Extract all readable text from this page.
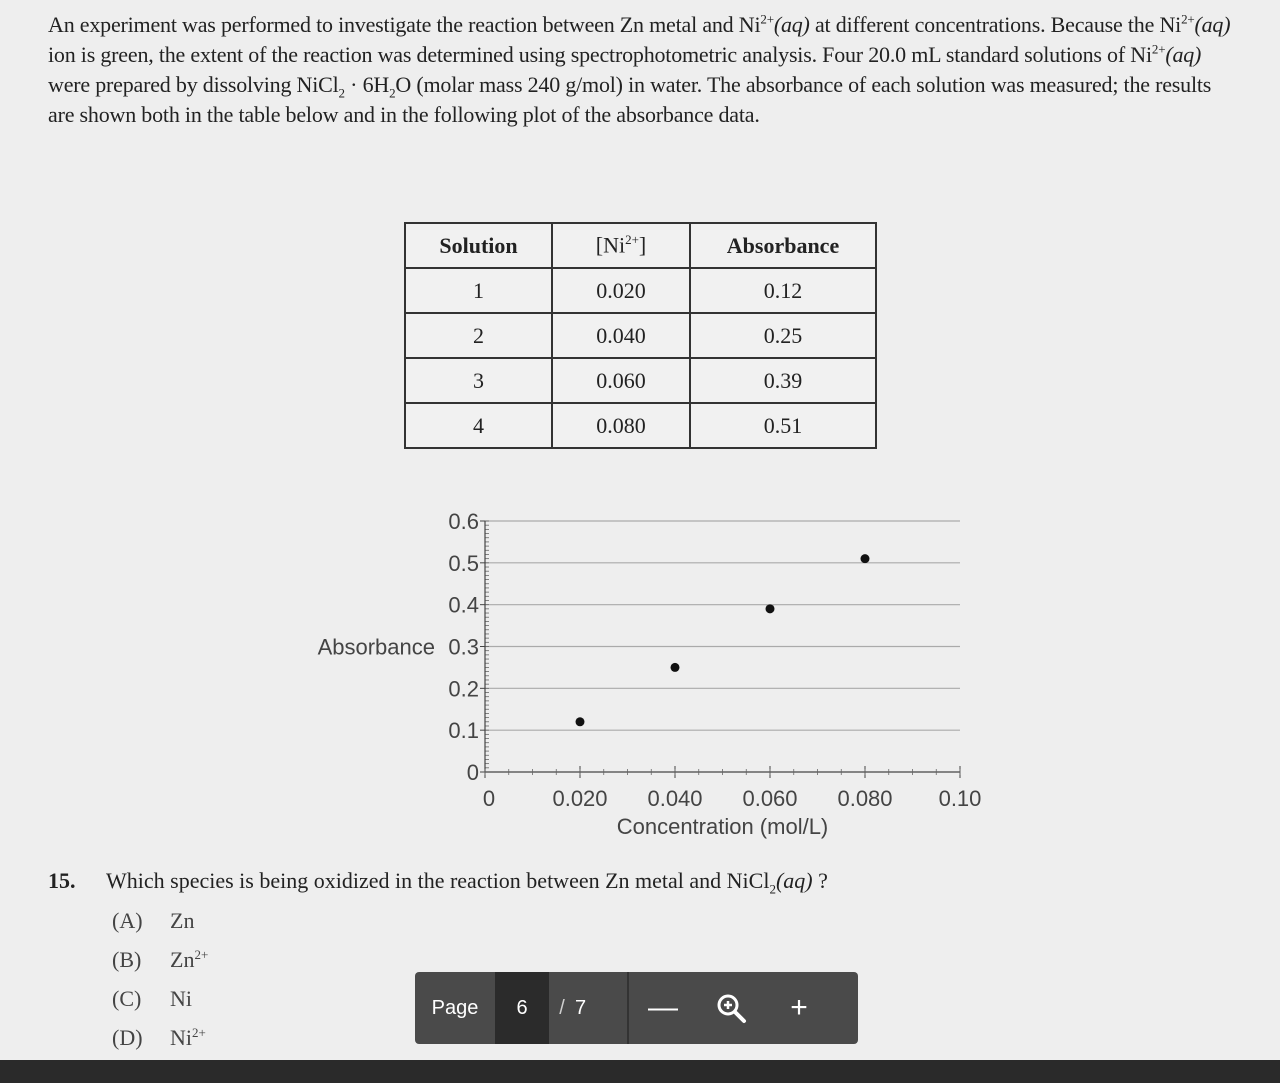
An experiment was performed to investigate the reaction between Zn metal and $Ni^{2+}(aq)$ at different concentrations. Because the $Ni^{2+}(aq)$ ion is green, the extent of the reaction was determined using spectrophotometric analysis. Four 20.0 mL standard solutions of $Ni^{2+}(aq)$ were prepared by dissolving NiCl$_2$ · $6H_2O$ (molar mass 240 g/mol) in water. The absorbance of each solution was measured; the results are shown both in the table below and in the following plot of the absorbance data.
Solution	$[Ni^{2+}]$	Absorbance
1	0.020	0.12
2	0.040	0.25
3	0.060	0.39
4	0.080	0.51
0
0.1
0.2
0.3
0.4
0.5
0.6
0	0.020 0.040 0.060 0.080 0.10
Absorbance
Concentration (mol/L)
15. Which species is being oxidized in the reaction between Zn metal and NiCl$_2$(aq) ?
(A)	Zn
(B)	Zn 2+
(C)	Ni
(D)	Ni 2+
Page	6	/ 7	—	+
